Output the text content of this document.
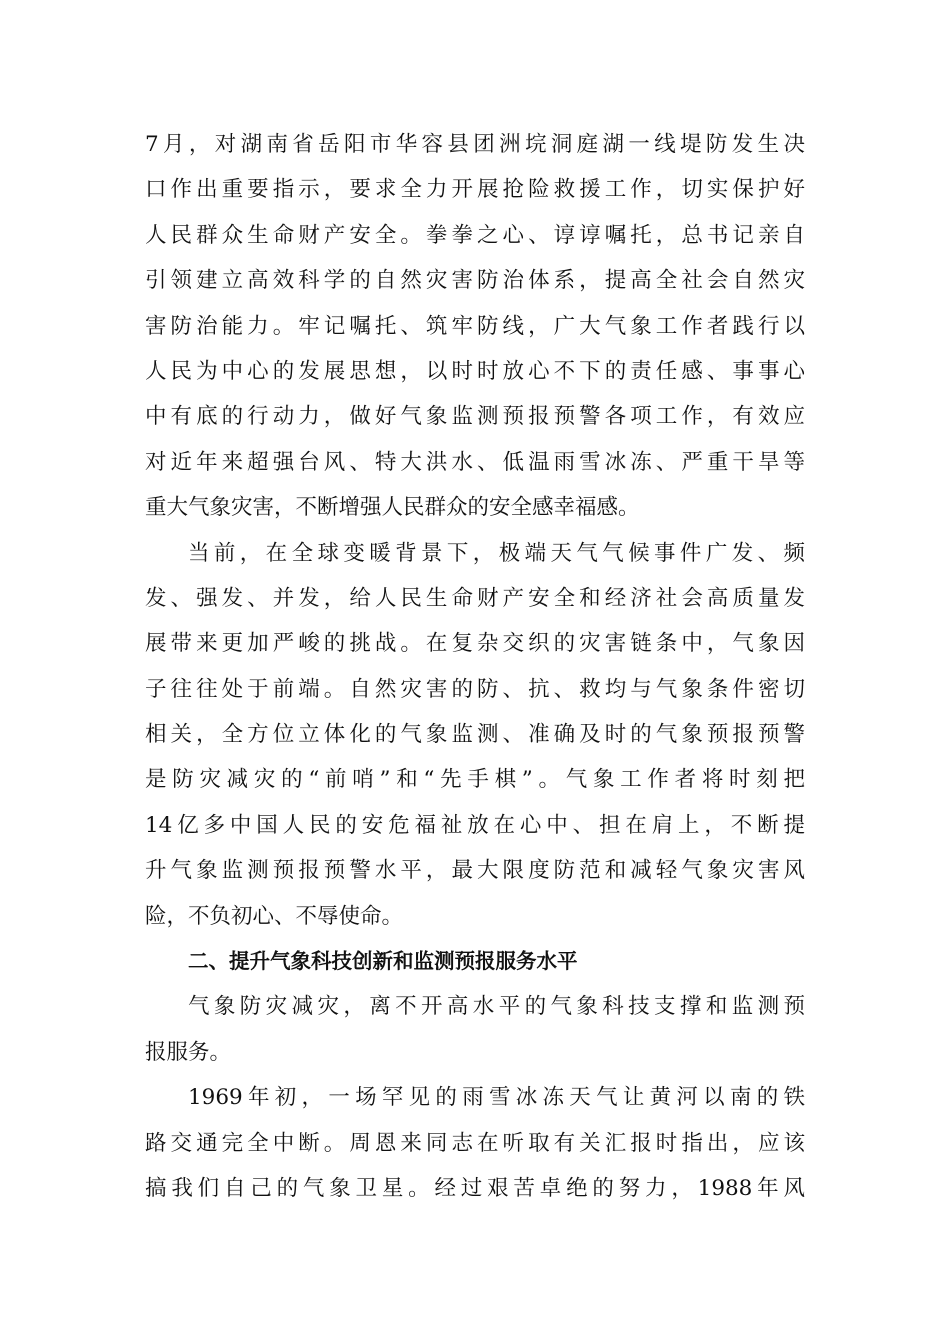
7月，对湖南省岳阳市华容县团洲垸洞庭湖一线堤防发生决
口作出重要指示，要求全力开展抢险救援工作，切实保护好
人民群众生命财产安全。拳拳之心、谆谆嘱托，总书记亲自
引领建立高效科学的自然灾害防治体系，提高全社会自然灾
害防治能力。牢记嘱托、筑牢防线，广大气象工作者践行以
人民为中心的发展思想，以时时放心不下的责任感、事事心
中有底的行动力，做好气象监测预报预警各项工作，有效应
对近年来超强台风、特大洪水、低温雨雪冰冻、严重干旱等
重大气象灾害，不断增强人民群众的安全感幸福感。
当前，在全球变暖背景下，极端天气气候事件广发、频
发、强发、并发，给人民生命财产安全和经济社会高质量发
展带来更加严峻的挑战。在复杂交织的灾害链条中，气象因
子往往处于前端。自然灾害的防、抗、救均与气象条件密切
相关，全方位立体化的气象监测、准确及时的气象预报预警
是防灾减灾的“前哨”和“先手棋”。气象工作者将时刻把
14亿多中国人民的安危福祉放在心中、担在肩上，不断提
升气象监测预报预警水平，最大限度防范和减轻气象灾害风
险，不负初心、不辱使命。
二、提升气象科技创新和监测预报服务水平
气象防灾减灾，离不开高水平的气象科技支撑和监测预
报服务。
1969年初，一场罕见的雨雪冰冻天气让黄河以南的铁
路交通完全中断。周恩来同志在听取有关汇报时指出，应该
搞我们自己的气象卫星。经过艰苦卓绝的努力，1988年风
